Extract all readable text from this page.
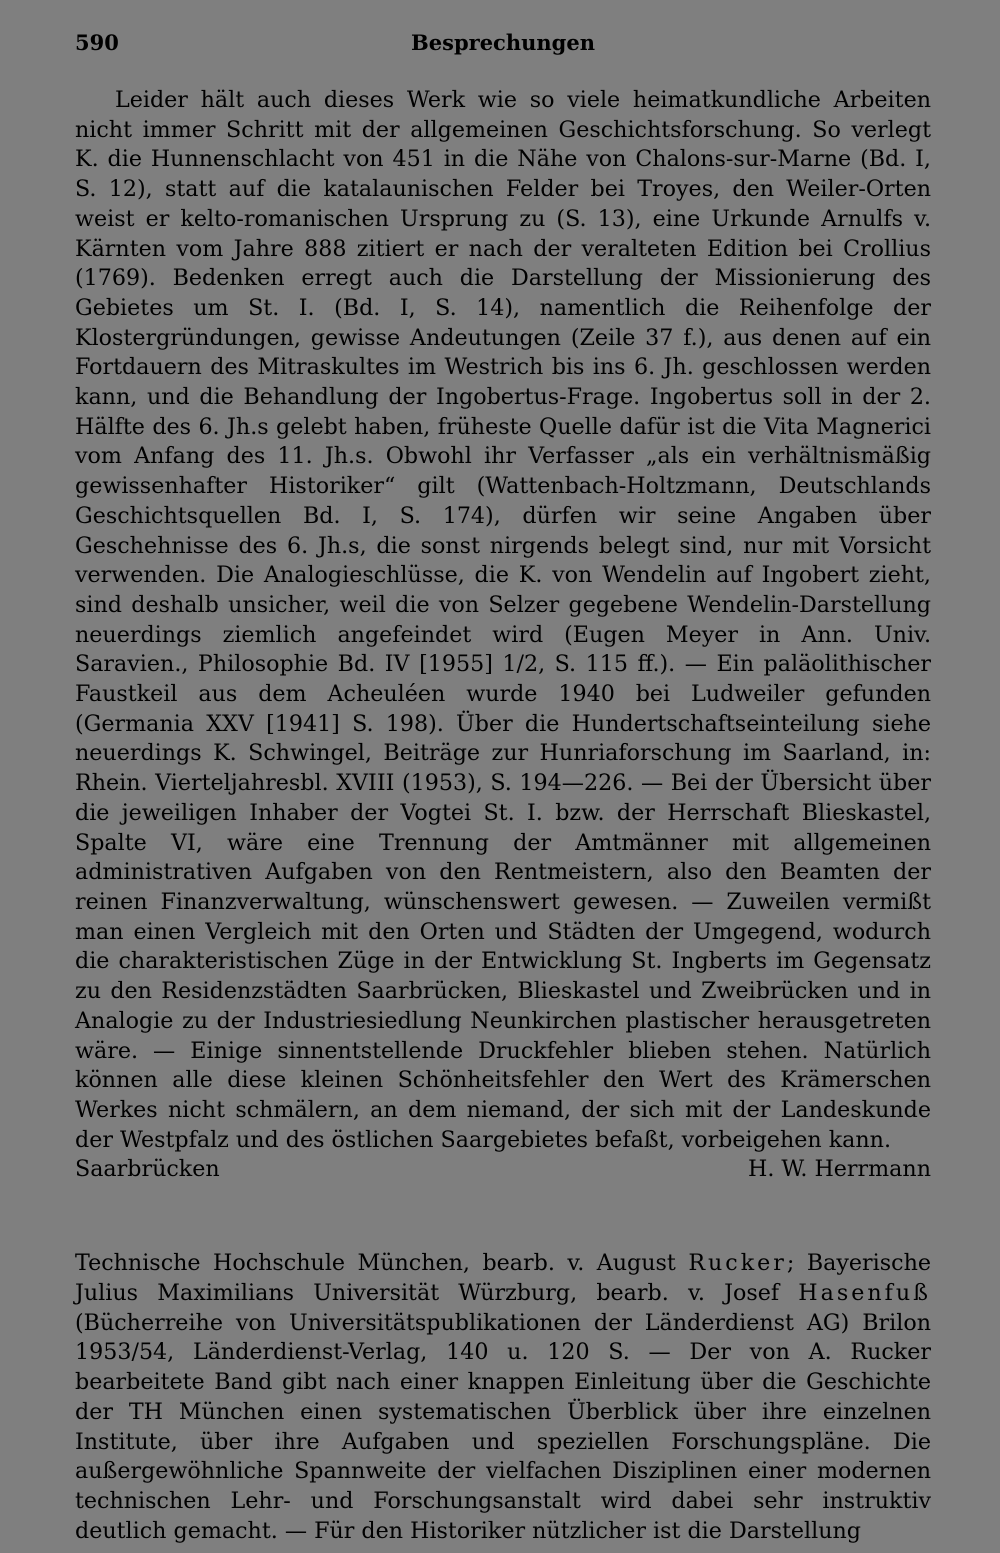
590	Besprechungen

Leider hält auch dieses Werk wie so viele heimatkundliche Arbeiten nicht immer Schritt mit der allgemeinen Geschichtsforschung. So verlegt K. die Hunnenschlacht von 451 in die Nähe von Chalons-sur-Marne (Bd. I, S. 12), statt auf die katalaunischen Felder bei Troyes, den Weiler-Orten weist er kelto-romanischen Ursprung zu (S. 13), eine Urkunde Arnulfs v. Kärnten vom Jahre 888 zitiert er nach der veralteten Edition bei Crollius (1769). Bedenken erregt auch die Darstellung der Missionierung des Gebietes um St. I. (Bd. I, S. 14), namentlich die Reihenfolge der Klostergründungen, gewisse Andeutungen (Zeile 37 f.), aus denen auf ein Fortdauern des Mitraskultes im Westrich bis ins 6. Jh. geschlossen werden kann, und die Behandlung der Ingobertus-Frage. Ingobertus soll in der 2. Hälfte des 6. Jh.s gelebt haben, früheste Quelle dafür ist die Vita Magnerici vom Anfang des 11. Jh.s. Obwohl ihr Verfasser „als ein verhältnismäßig gewissenhafter Historiker“ gilt (Wattenbach-Holtzmann, Deutschlands Geschichtsquellen Bd. I, S. 174), dürfen wir seine Angaben über Geschehnisse des 6. Jh.s, die sonst nirgends belegt sind, nur mit Vorsicht verwenden. Die Analogieschlüsse, die K. von Wendelin auf Ingobert zieht, sind deshalb unsicher, weil die von Selzer gegebene Wendelin-Darstellung neuerdings ziemlich angefeindet wird (Eugen Meyer in Ann. Univ. Saravien., Philosophie Bd. IV [1955] 1/2, S. 115 ff.). — Ein paläolithischer Faustkeil aus dem Acheuléen wurde 1940 bei Ludweiler gefunden (Germania XXV [1941] S. 198). Über die Hundertschaftseinteilung siehe neuerdings K. Schwingel, Beiträge zur Hunriaforschung im Saarland, in: Rhein. Vierteljahresbl. XVIII (1953), S. 194—226. — Bei der Übersicht über die jeweiligen Inhaber der Vogtei St. I. bzw. der Herrschaft Blieskastel, Spalte VI, wäre eine Trennung der Amtmänner mit allgemeinen administrativen Aufgaben von den Rentmeistern, also den Beamten der reinen Finanzverwaltung, wünschenswert gewesen. — Zuweilen vermißt man einen Vergleich mit den Orten und Städten der Umgegend, wodurch die charakteristischen Züge in der Entwicklung St. Ingberts im Gegensatz zu den Residenzstädten Saarbrücken, Blieskastel und Zweibrücken und in Analogie zu der Industriesiedlung Neunkirchen plastischer herausgetreten wäre. — Einige sinnentstellende Druckfehler blieben stehen. Natürlich können alle diese kleinen Schönheitsfehler den Wert des Krämerschen Werkes nicht schmälern, an dem niemand, der sich mit der Landeskunde der Westpfalz und des östlichen Saargebietes befaßt, vorbeigehen kann.

Saarbrücken	H. W. Herrmann

Technische Hochschule München, bearb. v. August Rucker; Bayerische Julius Maximilians Universität Würzburg, bearb. v. Josef Hasenfuß (Bücherreihe von Universitätspublikationen der Länderdienst AG) Brilon 1953/54, Länderdienst-Verlag, 140 u. 120 S. — Der von A. Rucker bearbeitete Band gibt nach einer knappen Einleitung über die Geschichte der TH München einen systematischen Überblick über ihre einzelnen Institute, über ihre Aufgaben und speziellen Forschungspläne. Die außergewöhnliche Spannweite der vielfachen Disziplinen einer modernen technischen Lehr- und Forschungsanstalt wird dabei sehr instruktiv deutlich gemacht. — Für den Historiker nützlicher ist die Darstellung
